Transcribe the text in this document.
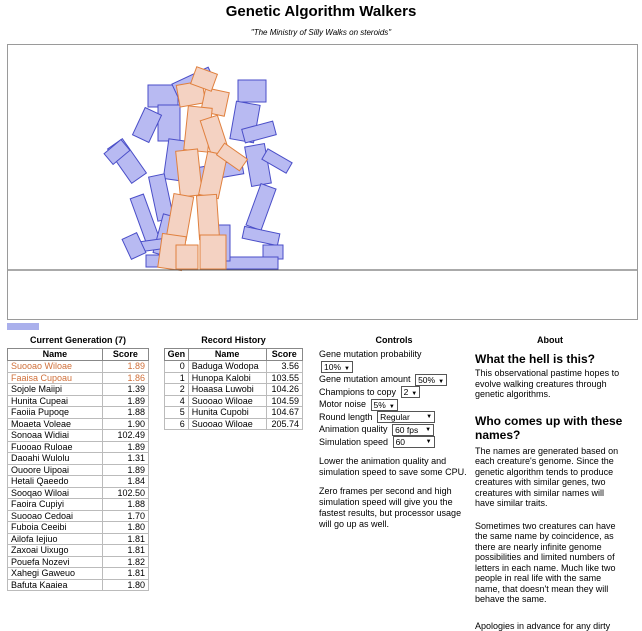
Genetic Algorithm Walkers
"The Ministry of Silly Walks on steroids"
Current Generation (7)	Record History	Controls	About
Name	Score
Suooao Wiloae	1.89
Faaisa Cupoau	1.86
Sojole Maiipi	1.39
Hunita Cupeai	1.89
Faoiia Pupoqe	1.88
Moaeta Voleae	1.90
Sonoaa Widiai	102.49
Fuooao Ruloae	1.89
Daoahi Wulolu	1.31
Ouoore Uipoai	1.89
Hetali Qaeedo	1.84
Sooqao Wiloai	102.50
Faoira Cupiyi	1.88
Suooao Cedoai	1.70
Fuboia Ceeibi	1.80
Ailofa Iejiuo	1.81
Zaxoai Uixugo	1.81
Pouefa Nozevi	1.82
Xahegi Gaweuo	1.81
Bafuta Kaaiea	1.80
Gen	Name	Score
0	Baduga Wodopa	3.56
1	Hunopa Kalobi	103.55
2	Hoaasa Luwobi	104.26
4	Suooao Wiloae	104.59
5	Hunita Cupobi	104.67
6	Suooao Wiloae	205.74
Gene mutation probability
10% ▼
Gene mutation amount 50% ▼
Champions to copy 2 ▼
Motor noise 5% ▼
Round length Regular	▼
Animation quality 60 fps ▼
Simulation speed 60	▼
Lower the animation quality and simulation speed to save some CPU.
Zero frames per second and high simulation speed will give you the fastest results, but processor usage will go up as well.
What the hell is this?

This observational pastime hopes to evolve walking creatures through genetic algorithms.

Who comes up with these names?

The names are generated based on each creature's genome. Since the genetic algorithm tends to produce creatures with similar genes, two creatures with similar names will have similar traits.

Sometimes two creatures can have the same name by coincidence, as there are nearly infinite genome possibilities and limited numbers of letters in each name. Much like two people in real life with the same name, that doesn't mean they will behave the same.

Apologies in advance for any dirty
